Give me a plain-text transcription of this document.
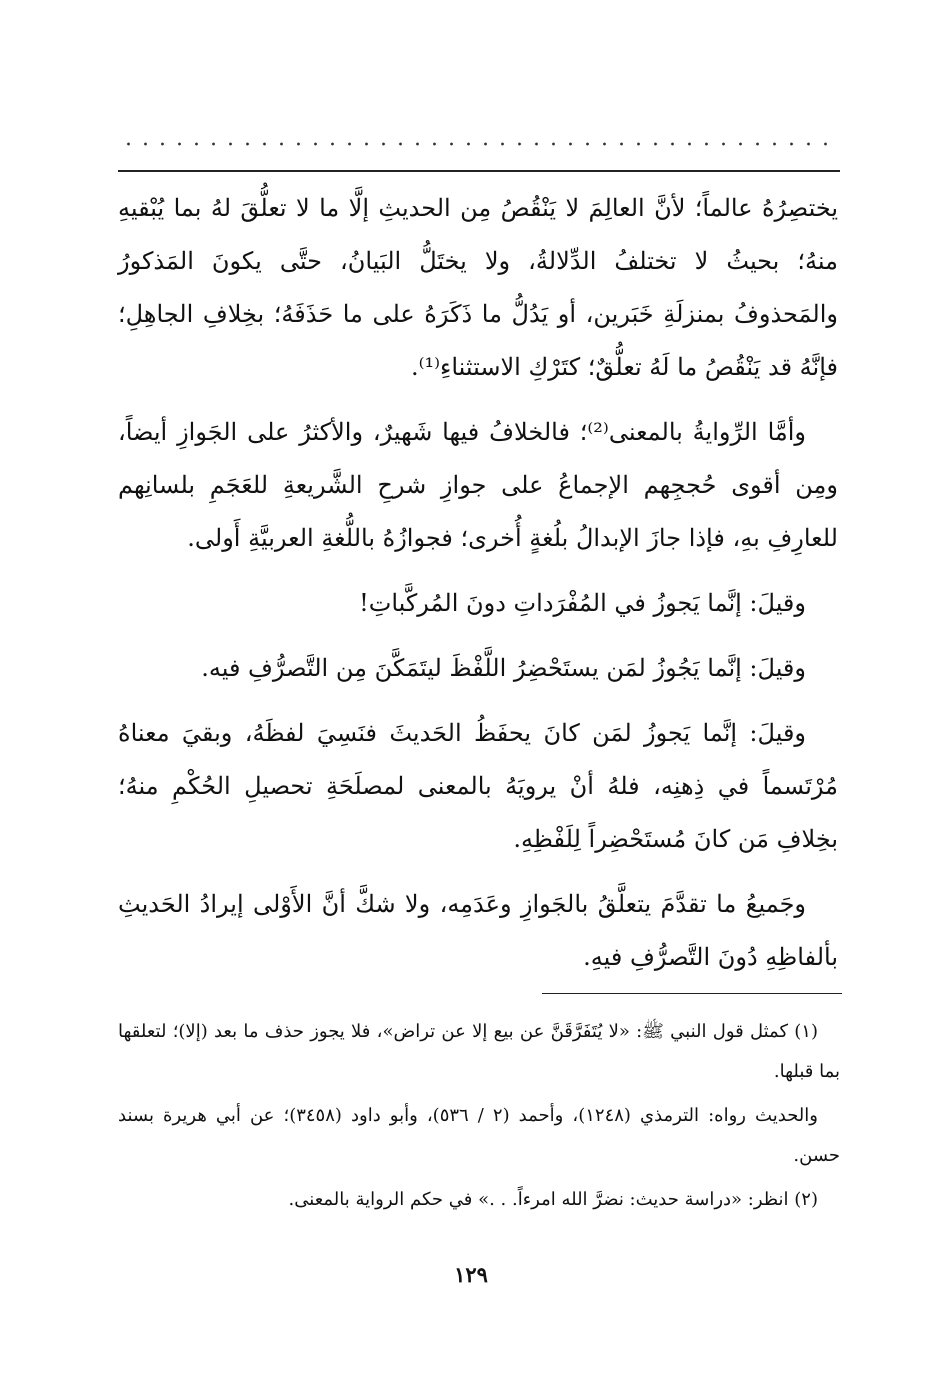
يختصِرُهُ عالماً؛ لأنَّ العالِمَ لا يَنْقُصُ مِن الحديثِ إلَّا ما لا تعلُّقَ لهُ بما يُبْقيهِ منهُ؛ بحيثُ لا تختلفُ الدِّلالةُ، ولا يختَلُّ البَيانُ، حتَّى يكونَ المَذكورُ والمَحذوفُ بمنزلَةِ خَبَرين، أو يَدُلُّ ما ذَكَرَهُ على ما حَذَفَهُ؛ بخِلافِ الجاهِلِ؛ فإنَّهُ قد يَنْقُصُ ما لَهُ تعلُّقٌ؛ كتَرْكِ الاستثناءِ⁽¹⁾.

وأمَّا الرِّوايةُ بالمعنى⁽²⁾؛ فالخلافُ فيها شَهيرٌ، والأكثرُ على الجَوازِ أيضاً، ومِن أقوى حُججِهم الإجماعُ على جوازِ شرحِ الشَّريعةِ للعَجَمِ بلسانِهم للعارِفِ بهِ، فإذا جازَ الإبدالُ بلُغةٍ أُخرى؛ فجوازُهُ باللُّغةِ العربيَّةِ أَولى.

وقيلَ: إنَّما يَجوزُ في المُفْرَداتِ دونَ المُركَّباتِ!

وقيلَ: إنَّما يَجُوزُ لمَن يستَحْضِرُ اللَّفْظَ ليتَمَكَّنَ مِن التَّصرُّفِ فيه.

وقيلَ: إنَّما يَجوزُ لمَن كانَ يحفَظُ الحَديثَ فنَسِيَ لفظَهُ، وبقيَ معناهُ مُرْتَسماً في ذِهنِه، فلهُ أنْ يرويَهُ بالمعنى لمصلَحَةِ تحصيلِ الحُكْمِ منهُ؛ بخِلافِ مَن كانَ مُستَحْضِراً لِلَفْظِهِ.

وجَميعُ ما تقدَّمَ يتعلَّقُ بالجَوازِ وعَدَمِه، ولا شكَّ أنَّ الأَوْلى إيرادُ الحَديثِ بألفاظِهِ دُونَ التَّصرُّفِ فيهِ.

(١) كمثل قول النبي ﷺ: «لا يُتَفَرَّقَنَّ عن بيع إلا عن تراض»، فلا يجوز حذف ما بعد (إلا)؛ لتعلقها بما قبلها.

والحديث رواه: الترمذي (١٢٤٨)، وأحمد (٢ / ٥٣٦)، وأبو داود (٣٤٥٨)؛ عن أبي هريرة بسند حسن.

(٢) انظر: «دراسة حديث: نضرَّ الله امرءاً. . .» في حكم الرواية بالمعنى.

١٢٩
